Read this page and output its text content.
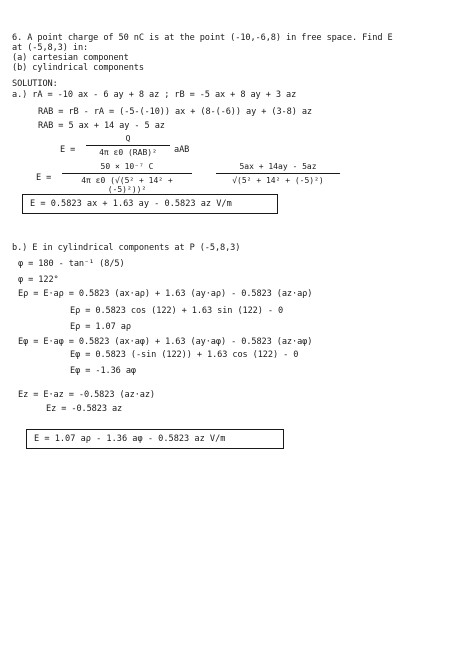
6. A point charge of 50 nC is at the point (-10,-6,8) in free space. Find E
at (-5,8,3) in:
(a) cartesian component
(b) cylindrical components
SOLUTION:
a.) rA = -10 ax - 6 ay + 8 az ; rB = -5 ax + 8 ay + 3 az
RAB = rB - rA = (-5-(-10)) ax + (8-(-6)) ay + (3-8) az
RAB = 5 ax + 14 ay - 5 az
E =
Q
4π ε0 (RAB)²	aAB
E =
50 × 10⁻⁷ C
4π ε0 (√(5² + 14² + (-5)²))²
5ax + 14ay - 5az
√(5² + 14² + (-5)²)
E = 0.5823 ax + 1.63 ay - 0.5823 az V/m
b.) E in cylindrical components at P (-5,8,3)
φ = 180 - tan⁻¹ (8/5)
φ = 122°
Eρ = E·aρ = 0.5823 (ax·aρ) + 1.63 (ay·aρ) - 0.5823 (az·aρ)
Eρ = 0.5823 cos (122) + 1.63 sin (122) - 0
Eρ = 1.07 aρ
Eφ = E·aφ = 0.5823 (ax·aφ) + 1.63 (ay·aφ) - 0.5823 (az·aφ)
Eφ = 0.5823 (-sin (122)) + 1.63 cos (122) - 0
Eφ = -1.36 aφ
Ez = E·az = -0.5823 (az·az)
Ez = -0.5823 az
E = 1.07 aρ - 1.36 aφ - 0.5823 az V/m
